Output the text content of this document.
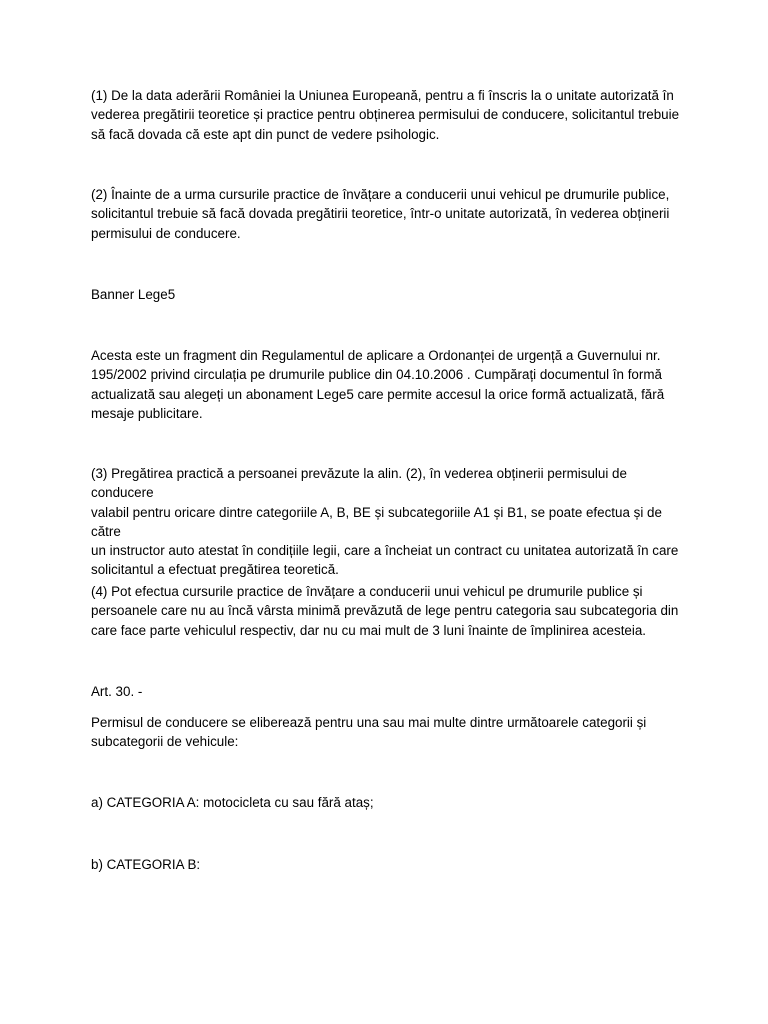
(1) De la data aderării României la Uniunea Europeană, pentru a fi înscris la o unitate autorizată în
vederea pregătirii teoretice și practice pentru obținerea permisului de conducere, solicitantul trebuie
să facă dovada că este apt din punct de vedere psihologic.

(2) Înainte de a urma cursurile practice de învățare a conducerii unui vehicul pe drumurile publice,
solicitantul trebuie să facă dovada pregătirii teoretice, într-o unitate autorizată, în vederea obținerii
permisului de conducere.

Banner Lege5

Acesta este un fragment din Regulamentul de aplicare a Ordonanței de urgență a Guvernului nr.
195/2002 privind circulația pe drumurile publice din 04.10.2006 . Cumpărați documentul în formă
actualizată sau alegeți un abonament Lege5 care permite accesul la orice formă actualizată, fără
mesaje publicitare.

(3) Pregătirea practică a persoanei prevăzute la alin. (2), în vederea obținerii permisului de conducere
valabil pentru oricare dintre categoriile A, B, BE și subcategoriile A1 și B1, se poate efectua și de către
un instructor auto atestat în condițiile legii, care a încheiat un contract cu unitatea autorizată în care
solicitantul a efectuat pregătirea teoretică.

(4) Pot efectua cursurile practice de învățare a conducerii unui vehicul pe drumurile publice și
persoanele care nu au încă vârsta minimă prevăzută de lege pentru categoria sau subcategoria din
care face parte vehiculul respectiv, dar nu cu mai mult de 3 luni înainte de împlinirea acesteia.

Art. 30. -

Permisul de conducere se eliberează pentru una sau mai multe dintre următoarele categorii și
subcategorii de vehicule:

a) CATEGORIA A: motocicleta cu sau fără ataș;

b) CATEGORIA B:
